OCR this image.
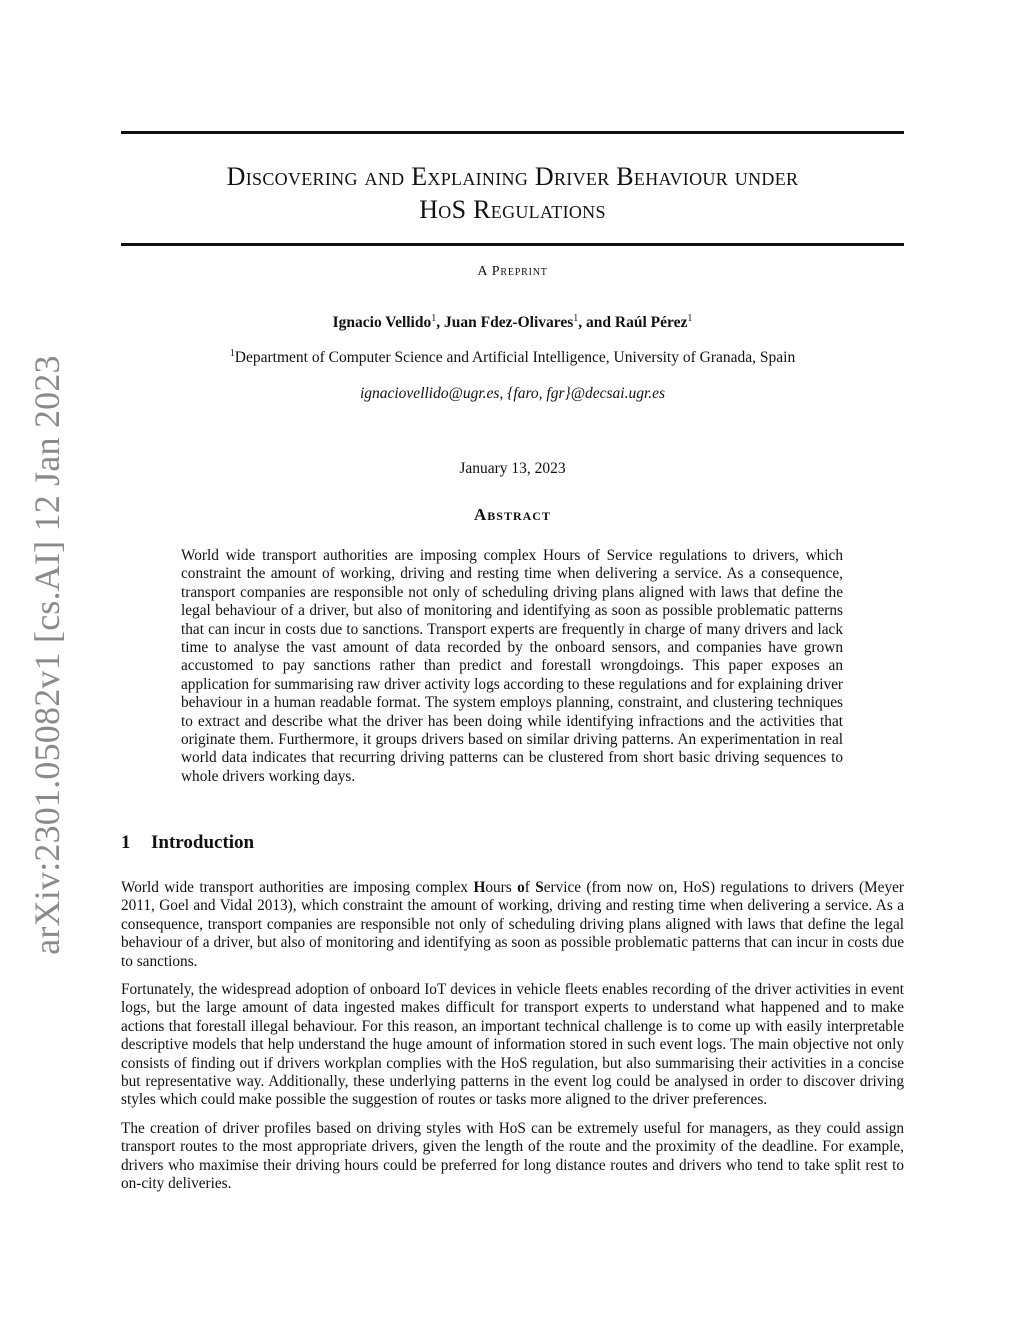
arXiv:2301.05082v1 [cs.AI] 12 Jan 2023
Discovering and Explaining Driver Behaviour under
HoS Regulations
A Preprint
Ignacio Vellido$^1$, Juan Fdez-Olivares$^1$, and Raúl Pérez$^1$
$^1$Department of Computer Science and Artificial Intelligence, University of Granada, Spain
ignaciovellido@ugr.es, {faro, fgr}@decsai.ugr.es
January 13, 2023
Abstract
World wide transport authorities are imposing complex Hours of Service regulations to drivers, which constraint the amount of working, driving and resting time when delivering a service. As a consequence, transport companies are responsible not only of scheduling driving plans aligned with laws that define the legal behaviour of a driver, but also of monitoring and identifying as soon as possible problematic patterns that can incur in costs due to sanctions. Transport experts are frequently in charge of many drivers and lack time to analyse the vast amount of data recorded by the onboard sensors, and companies have grown accustomed to pay sanctions rather than predict and forestall wrongdoings. This paper exposes an application for summarising raw driver activity logs according to these regulations and for explaining driver behaviour in a human readable format. The system employs planning, constraint, and clustering techniques to extract and describe what the driver has been doing while identifying infractions and the activities that originate them. Furthermore, it groups drivers based on similar driving patterns. An experimentation in real world data indicates that recurring driving patterns can be clustered from short basic driving sequences to whole drivers working days.
1 Introduction

World wide transport authorities are imposing complex Hours of Service (from now on, HoS) regulations to drivers (Meyer 2011, Goel and Vidal 2013), which constraint the amount of working, driving and resting time when delivering a service. As a consequence, transport companies are responsible not only of scheduling driving plans aligned with laws that define the legal behaviour of a driver, but also of monitoring and identifying as soon as possible problematic patterns that can incur in costs due to sanctions.

Fortunately, the widespread adoption of onboard IoT devices in vehicle fleets enables recording of the driver activities in event logs, but the large amount of data ingested makes difficult for transport experts to understand what happened and to make actions that forestall illegal behaviour. For this reason, an important technical challenge is to come up with easily interpretable descriptive models that help understand the huge amount of information stored in such event logs. The main objective not only consists of finding out if drivers workplan complies with the HoS regulation, but also summarising their activities in a concise but representative way. Additionally, these underlying patterns in the event log could be analysed in order to discover driving styles which could make possible the suggestion of routes or tasks more aligned to the driver preferences.

The creation of driver profiles based on driving styles with HoS can be extremely useful for managers, as they could assign transport routes to the most appropriate drivers, given the length of the route and the proximity of the deadline. For example, drivers who maximise their driving hours could be preferred for long distance routes and drivers who tend to take split rest to on-city deliveries.
